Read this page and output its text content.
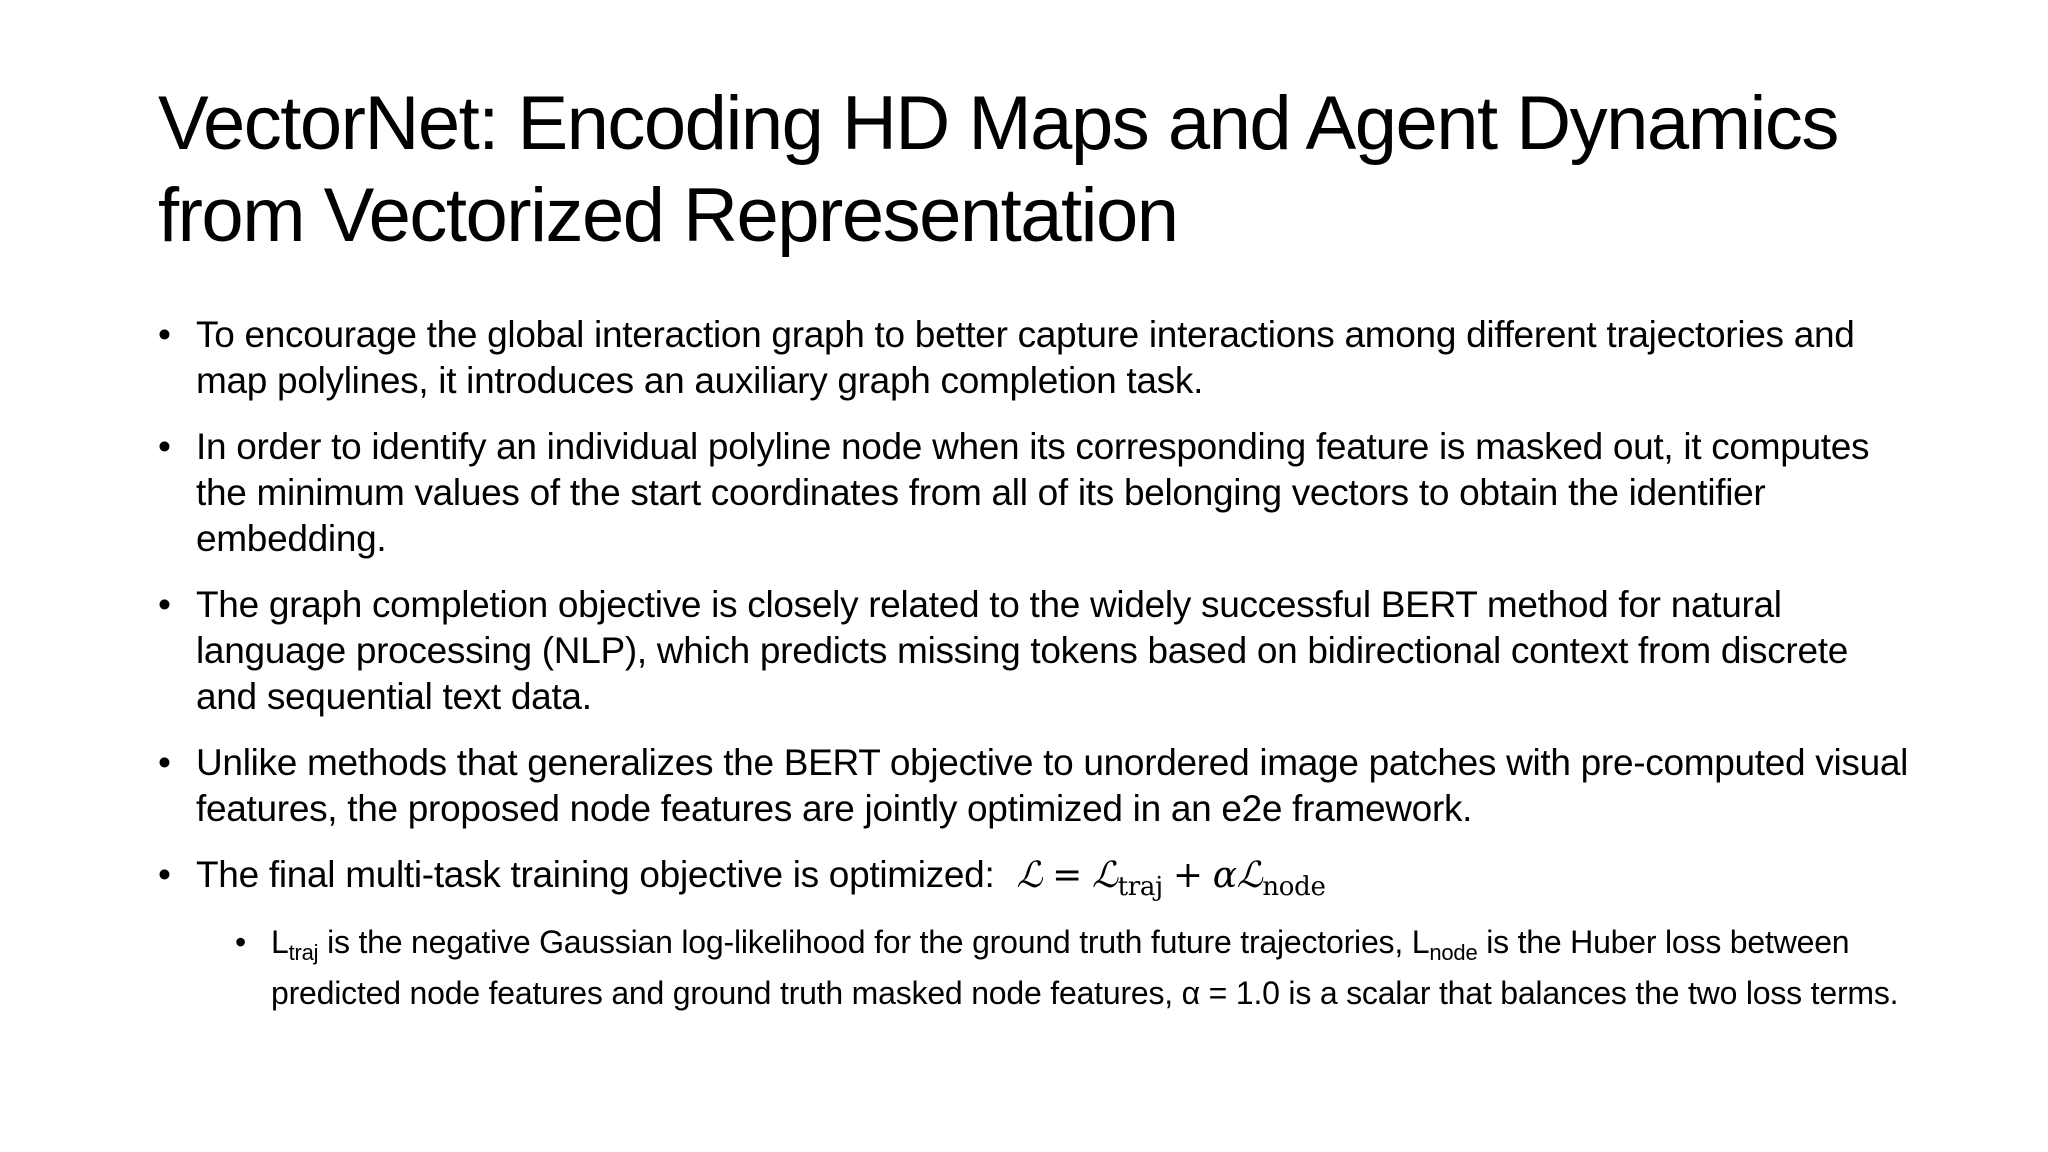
VectorNet: Encoding HD Maps and Agent Dynamics
from Vectorized Representation
• To encourage the global interaction graph to better capture interactions among different trajectories and map polylines, it introduces an auxiliary graph completion task.
• In order to identify an individual polyline node when its corresponding feature is masked out, it computes the minimum values of the start coordinates from all of its belonging vectors to obtain the identifier embedding.
• The graph completion objective is closely related to the widely successful BERT method for natural language processing (NLP), which predicts missing tokens based on bidirectional context from discrete and sequential text data.
• Unlike methods that generalizes the BERT objective to unordered image patches with pre-computed visual features, the proposed node features are jointly optimized in an e2e framework.
• The final multi-task training objective is optimized: ℒ = ℒ$_{traj}$ + αℒ$_{node}$
• $L_{traj}$ is the negative Gaussian log-likelihood for the ground truth future trajectories, $L_{node}$ is the Huber loss between predicted node features and ground truth masked node features, α = 1.0 is a scalar that balances the two loss terms.
